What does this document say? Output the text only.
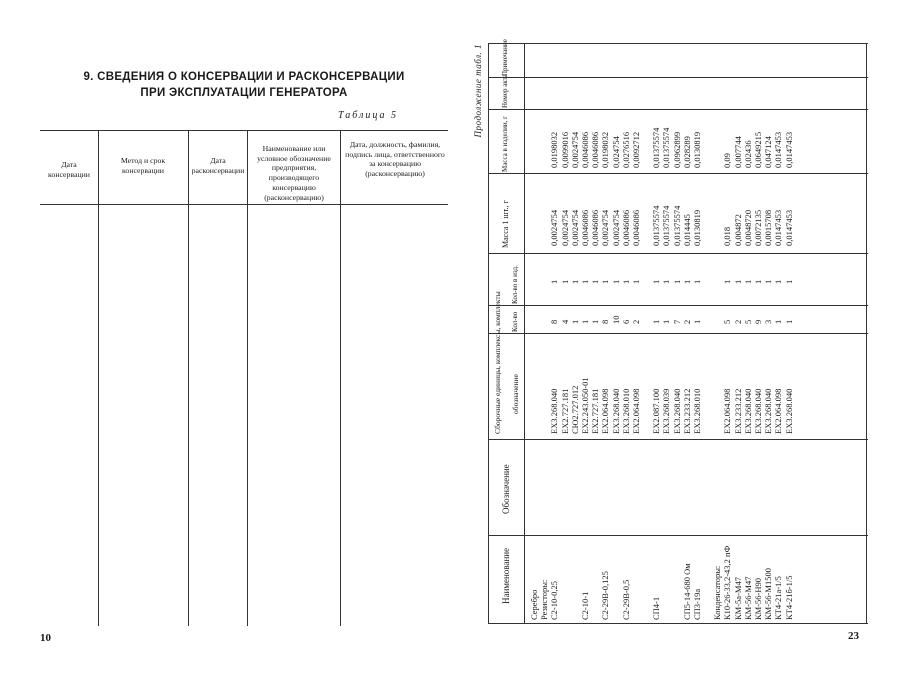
9. СВЕДЕНИЯ О КОНСЕРВАЦИИ И РАСКОНСЕРВАЦИИ
ПРИ ЭКСПЛУАТАЦИИ ГЕНЕРАТОРА
Таблица 5
Дата консервации
Метод и срок консервации
Дата расконсервации
Наименование или условное обозначение предприятия, производящего консервацию (расконсервацию)
Дата, должность, фамилия, подпись лица, ответственного за консервацию (расконсервацию)
10
Продолжение табл. 1
Наименование
Обозначение
Сборочные единицы, комплексы, комплекты обозначение
Кол-во
Кол-во в изд.
Масса 1 шт., г
Масса в изделии, г
Номер акта
Примечание
Серебро Резисторы: С2-10-0,25
ЕХ3.268.040
8
1
0,0024754
0,0198032
ЕХ2.727.181
4
1
0,0024754
0,0099016
СЮ2.727.012
1
1
0,0024754
0,0024754
С2-10-1
ЕХ2.243.050-01
1
1
0,0046086
0,0046086
ЕХ2.727.181
1
1
0,0046086
0,0046086
С2-29В-0,125
ЕХ2.064.098
8
1
0,0024754
0,0198032
ЕХ3.268.040
10
1
0,0024754
0,024754
С2-29В-0,5
ЕХ3.268.010
6
1
0,0046086
0,0276516
ЕХ2.064.098
2
1
0,0046086
0,0092712
СП4-1
ЕХ2.087.100
1
1
0,01375574
0,01375574
ЕХ3.268.039
1
1
0,01375574
0,01375574
ЕХ3.268.040
7
1
0,01375574
0,0962899
СП5-14-680 Ом
ЕХ3.233.212
2
1
0,014445
0,028289
СП3-19а
ЕХ3.268.010
1
1
0,0130819
0,0130819
Конденсаторы: К10-26-33,2-43,2 пФ
ЕХ2.064.098
5
1
0,018
0,09
КМ-5а-М47
ЕХ3.233.212
2
1
0,004872
0,007744
КМ-56-М47
ЕХ3.268.040
5
1
0,0048720
0,02436
КМ-56-Н90
ЕХ3.268.040
9
1
0,0072135
0,0649215
КМ-56-М1500
ЕХ3.268.040
3
1
0,0015708
0,047124
КТ4-21а-1/5
ЕХ2.064.098
1
1
0,0147453
0,0147453
КТ4-21б-1/5
ЕХ3.268.040
1
1
0,0147453
0,0147453
23
